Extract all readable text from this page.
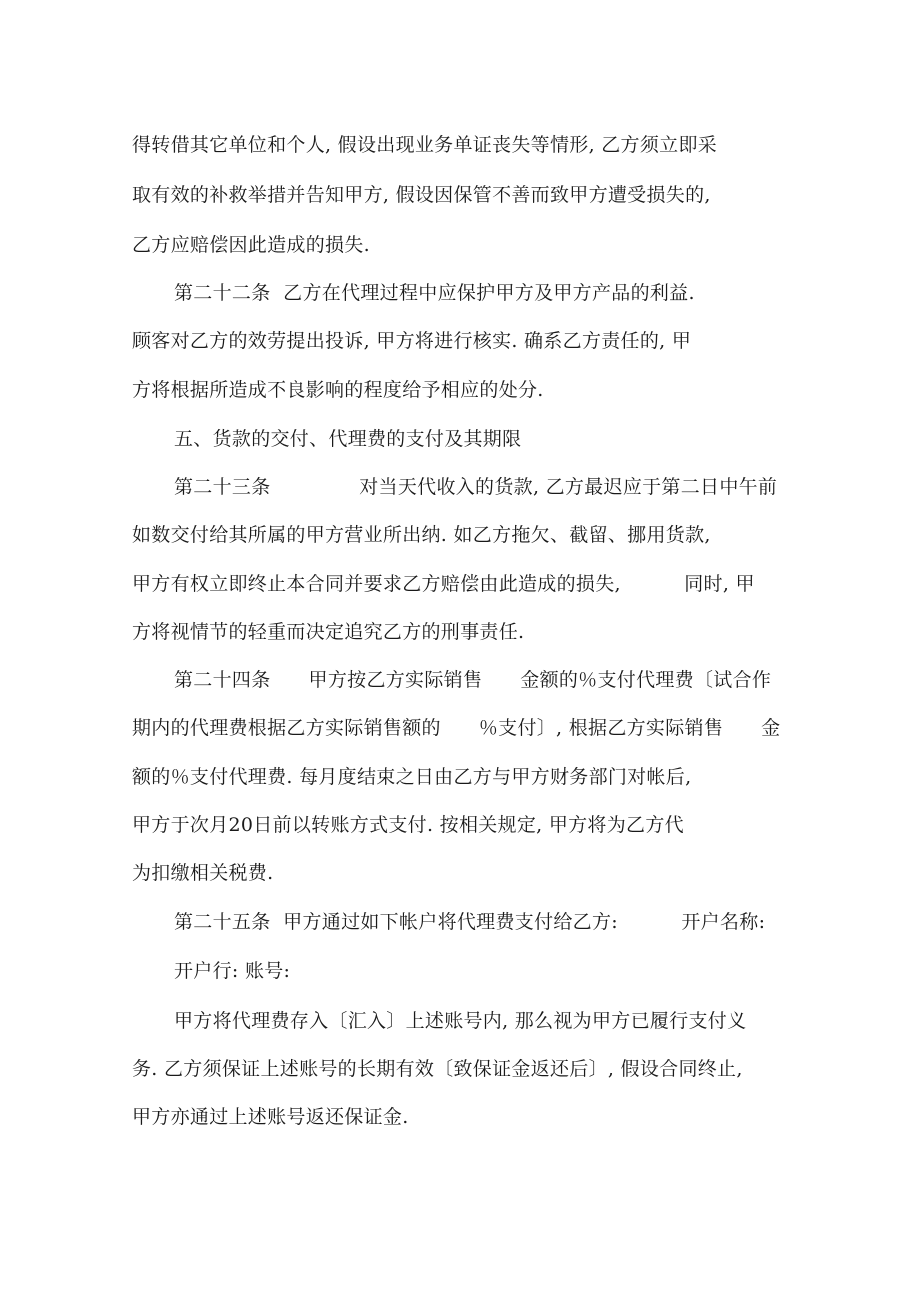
得转借其它单位和个人, 假设出现业务单证丧失等情形, 乙方须立即采
取有效的补救举措并告知甲方, 假设因保管不善而致甲方遭受损失的,
乙方应赔偿因此造成的损失.
第二十二条  乙方在代理过程中应保护甲方及甲方产品的利益.
顾客对乙方的效劳提出投诉, 甲方将进行核实. 确系乙方责任的, 甲
方将根据所造成不良影响的程度给予相应的处分.
五、货款的交付、代理费的支付及其期限
第二十三条              对当天代收入的货款, 乙方最迟应于第二日中午前
如数交付给其所属的甲方营业所出纳. 如乙方拖欠、截留、挪用货款,
甲方有权立即终止本合同并要求乙方赔偿由此造成的损失,          同时, 甲
方将视情节的轻重而决定追究乙方的刑事责任.
第二十四条      甲方按乙方实际销售      金额的％支付代理费〔试合作
期内的代理费根据乙方实际销售额的      ％支付〕, 根据乙方实际销售      金
额的％支付代理费. 每月度结束之日由乙方与甲方财务部门对帐后,
甲方于次月20日前以转账方式支付. 按相关规定, 甲方将为乙方代
为扣缴相关税费.
第二十五条  甲方通过如下帐户将代理费支付给乙方:          开户名称:
开户行: 账号:
甲方将代理费存入〔汇入〕上述账号内, 那么视为甲方已履行支付义
务. 乙方须保证上述账号的长期有效〔致保证金返还后〕, 假设合同终止,
甲方亦通过上述账号返还保证金.
